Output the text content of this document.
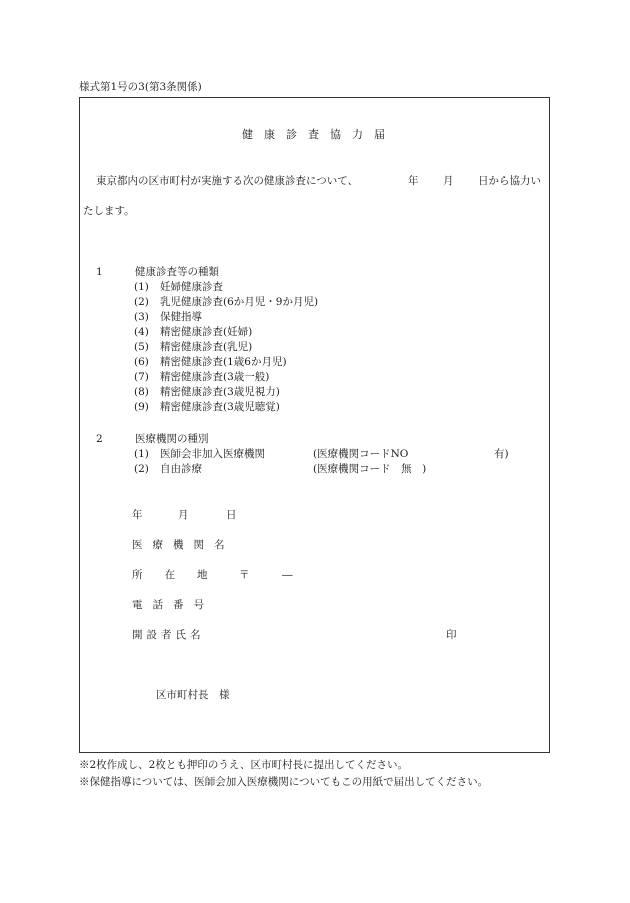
様式第1号の3(第3条関係)
健康診査協力届
東京都内の区市町村が実施する次の健康診査について、	年 月 日から協力い
たします。
1	健康診査等の種類
(1) 妊婦健康診査
(2) 乳児健康診査(6か月児・9か月児)
(3) 保健指導
(4) 精密健康診査(妊婦)
(5) 精密健康診査(乳児)
(6) 精密健康診査(1歳6か月児)
(7) 精密健康診査(3歳一般)
(8) 精密健康診査(3歳児視力)
(9) 精密健康診査(3歳児聴覚)
2	医療機関の種別
(1) 医師会非加入医療機関	(医療機関コードNO	有)
(2) 自由診療	(医療機関コード　無　)
年	月	日
医療機関名
所在地 〒	―
電話番号
開設者氏名	印
区市町村長　様
※2枚作成し、2枚とも押印のうえ、区市町村長に提出してください。
※保健指導については、医師会加入医療機関についてもこの用紙で届出してください。
